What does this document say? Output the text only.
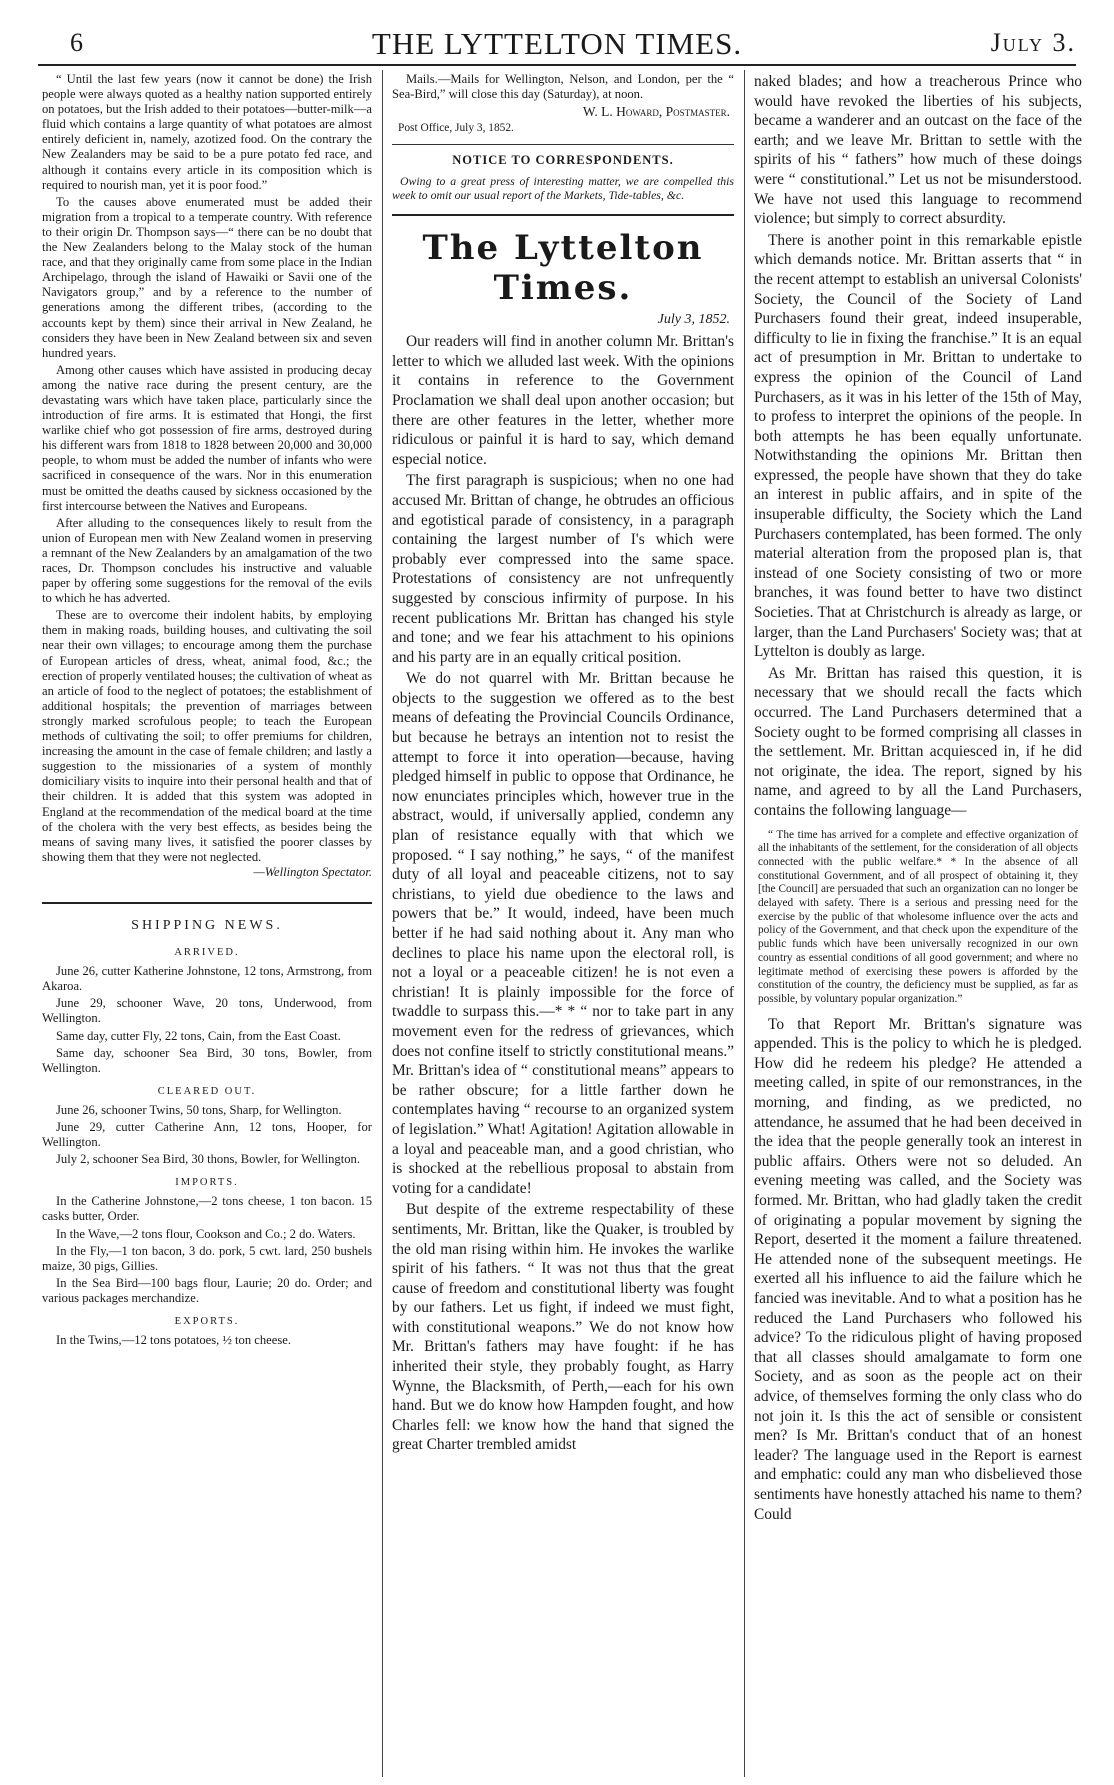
6	THE LYTTELTON TIMES.	July 3.

“ Until the last few years (now it cannot be done) the Irish people were always quoted as a healthy nation supported entirely on potatoes, but the Irish added to their potatoes—butter-milk—a fluid which contains a large quantity of what potatoes are almost entirely deficient in, namely, azotized food. On the contrary the New Zealanders may be said to be a pure potato fed race, and although it contains every article in its composition which is required to nourish man, yet it is poor food.”

To the causes above enumerated must be added their migration from a tropical to a temperate country. With reference to their origin Dr. Thompson says—“ there can be no doubt that the New Zealanders belong to the Malay stock of the human race, and that they originally came from some place in the Indian Archipelago, through the island of Hawaiki or Savii one of the Navigators group,” and by a reference to the number of generations among the different tribes, (according to the accounts kept by them) since their arrival in New Zealand, he considers they have been in New Zealand between six and seven hundred years.

Among other causes which have assisted in producing decay among the native race during the present century, are the devastating wars which have taken place, particularly since the introduction of fire arms. It is estimated that Hongi, the first warlike chief who got possession of fire arms, destroyed during his different wars from 1818 to 1828 between 20,000 and 30,000 people, to whom must be added the number of infants who were sacrificed in consequence of the wars. Nor in this enumeration must be omitted the deaths caused by sickness occasioned by the first intercourse between the Natives and Europeans.

After alluding to the consequences likely to result from the union of European men with New Zealand women in preserving a remnant of the New Zealanders by an amalgamation of the two races, Dr. Thompson concludes his instructive and valuable paper by offering some suggestions for the removal of the evils to which he has adverted.

These are to overcome their indolent habits, by employing them in making roads, building houses, and cultivating the soil near their own villages; to encourage among them the purchase of European articles of dress, wheat, animal food, &c.; the erection of properly ventilated houses; the cultivation of wheat as an article of food to the neglect of potatoes; the establishment of additional hospitals; the prevention of marriages between strongly marked scrofulous people; to teach the European methods of cultivating the soil; to offer premiums for children, increasing the amount in the case of female children; and lastly a suggestion to the missionaries of a system of monthly domiciliary visits to inquire into their personal health and that of their children. It is added that this system was adopted in England at the recommendation of the medical board at the time of the cholera with the very best effects, as besides being the means of saving many lives, it satisfied the poorer classes by showing them that they were not neglected.

—Wellington Spectator.
SHIPPING NEWS.
ARRIVED.

June 26, cutter Katherine Johnstone, 12 tons, Armstrong, from Akaroa.

June 29, schooner Wave, 20 tons, Underwood, from Wellington.

Same day, cutter Fly, 22 tons, Cain, from the East Coast.

Same day, schooner Sea Bird, 30 tons, Bowler, from Wellington.

CLEARED OUT.

June 26, schooner Twins, 50 tons, Sharp, for Wellington.

June 29, cutter Catherine Ann, 12 tons, Hooper, for Wellington.

July 2, schooner Sea Bird, 30 thons, Bowler, for Wellington.

IMPORTS.

In the Catherine Johnstone,—2 tons cheese, 1 ton bacon. 15 casks butter, Order.

In the Wave,—2 tons flour, Cookson and Co.; 2 do. Waters.

In the Fly,—1 ton bacon, 3 do. pork, 5 cwt. lard, 250 bushels maize, 30 pigs, Gillies.

In the Sea Bird—100 bags flour, Laurie; 20 do. Order; and various packages merchandize.

EXPORTS.

In the Twins,—12 tons potatoes, ½ ton cheese.

Mails.—Mails for Wellington, Nelson, and London, per the “ Sea-Bird,” will close this day (Saturday), at noon.

W. L. Howard, Postmaster.

Post Office, July 3, 1852.

NOTICE TO CORRESPONDENTS.

Owing to a great press of interesting matter, we are compelled this week to omit our usual report of the Markets, Tide-tables, &c.

The Lyttelton Times.
July 3, 1852.

Our readers will find in another column Mr. Brittan's letter to which we alluded last week. With the opinions it contains in reference to the Government Proclamation we shall deal upon another occasion; but there are other features in the letter, whether more ridiculous or painful it is hard to say, which demand especial notice.

The first paragraph is suspicious; when no one had accused Mr. Brittan of change, he obtrudes an officious and egotistical parade of consistency, in a paragraph containing the largest number of I's which were probably ever compressed into the same space. Protestations of consistency are not unfrequently suggested by conscious infirmity of purpose. In his recent publications Mr. Brittan has changed his style and tone; and we fear his attachment to his opinions and his party are in an equally critical position.

We do not quarrel with Mr. Brittan because he objects to the suggestion we offered as to the best means of defeating the Provincial Councils Ordinance, but because he betrays an intention not to resist the attempt to force it into operation—because, having pledged himself in public to oppose that Ordinance, he now enunciates principles which, however true in the abstract, would, if universally applied, condemn any plan of resistance equally with that which we proposed. “ I say nothing,” he says, “ of the manifest duty of all loyal and peaceable citizens, not to say christians, to yield due obedience to the laws and powers that be.” It would, indeed, have been much better if he had said nothing about it. Any man who declines to place his name upon the electoral roll, is not a loyal or a peaceable citizen! he is not even a christian! It is plainly impossible for the force of twaddle to surpass this.—* * “ nor to take part in any movement even for the redress of grievances, which does not confine itself to strictly constitutional means.” Mr. Brittan's idea of “ constitutional means” appears to be rather obscure; for a little farther down he contemplates having “ recourse to an organized system of legislation.” What! Agitation! Agitation allowable in a loyal and peaceable man, and a good christian, who is shocked at the rebellious proposal to abstain from voting for a candidate!

But despite of the extreme respectability of these sentiments, Mr. Brittan, like the Quaker, is troubled by the old man rising within him. He invokes the warlike spirit of his fathers. “ It was not thus that the great cause of freedom and constitutional liberty was fought by our fathers. Let us fight, if indeed we must fight, with constitutional weapons.” We do not know how Mr. Brittan's fathers may have fought: if he has inherited their style, they probably fought, as Harry Wynne, the Blacksmith, of Perth,—each for his own hand. But we do know how Hampden fought, and how Charles fell: we know how the hand that signed the great Charter trembled amidst

naked blades; and how a treacherous Prince who would have revoked the liberties of his subjects, became a wanderer and an outcast on the face of the earth; and we leave Mr. Brittan to settle with the spirits of his “ fathers” how much of these doings were “ constitutional.” Let us not be misunderstood. We have not used this language to recommend violence; but simply to correct absurdity.

There is another point in this remarkable epistle which demands notice. Mr. Brittan asserts that “ in the recent attempt to establish an universal Colonists' Society, the Council of the Society of Land Purchasers found their great, indeed insuperable, difficulty to lie in fixing the franchise.” It is an equal act of presumption in Mr. Brittan to undertake to express the opinion of the Council of Land Purchasers, as it was in his letter of the 15th of May, to profess to interpret the opinions of the people. In both attempts he has been equally unfortunate. Notwithstanding the opinions Mr. Brittan then expressed, the people have shown that they do take an interest in public affairs, and in spite of the insuperable difficulty, the Society which the Land Purchasers contemplated, has been formed. The only material alteration from the proposed plan is, that instead of one Society consisting of two or more branches, it was found better to have two distinct Societies. That at Christchurch is already as large, or larger, than the Land Purchasers' Society was; that at Lyttelton is doubly as large.

As Mr. Brittan has raised this question, it is necessary that we should recall the facts which occurred. The Land Purchasers determined that a Society ought to be formed comprising all classes in the settlement. Mr. Brittan acquiesced in, if he did not originate, the idea. The report, signed by his name, and agreed to by all the Land Purchasers, contains the following language—

“ The time has arrived for a complete and effective organization of all the inhabitants of the settlement, for the consideration of all objects connected with the public welfare.* * In the absence of all constitutional Government, and of all prospect of obtaining it, they [the Council] are persuaded that such an organization can no longer be delayed with safety. There is a serious and pressing need for the exercise by the public of that wholesome influence over the acts and policy of the Government, and that check upon the expenditure of the public funds which have been universally recognized in our own country as essential conditions of all good government; and where no legitimate method of exercising these powers is afforded by the constitution of the country, the deficiency must be supplied, as far as possible, by voluntary popular organization.”

To that Report Mr. Brittan's signature was appended. This is the policy to which he is pledged. How did he redeem his pledge? He attended a meeting called, in spite of our remonstrances, in the morning, and finding, as we predicted, no attendance, he assumed that he had been deceived in the idea that the people generally took an interest in public affairs. Others were not so deluded. An evening meeting was called, and the Society was formed. Mr. Brittan, who had gladly taken the credit of originating a popular movement by signing the Report, deserted it the moment a failure threatened. He attended none of the subsequent meetings. He exerted all his influence to aid the failure which he fancied was inevitable. And to what a position has he reduced the Land Purchasers who followed his advice? To the ridiculous plight of having proposed that all classes should amalgamate to form one Society, and as soon as the people act on their advice, of themselves forming the only class who do not join it. Is this the act of sensible or consistent men? Is Mr. Brittan's conduct that of an honest leader? The language used in the Report is earnest and emphatic: could any man who disbelieved those sentiments have honestly attached his name to them? Could
